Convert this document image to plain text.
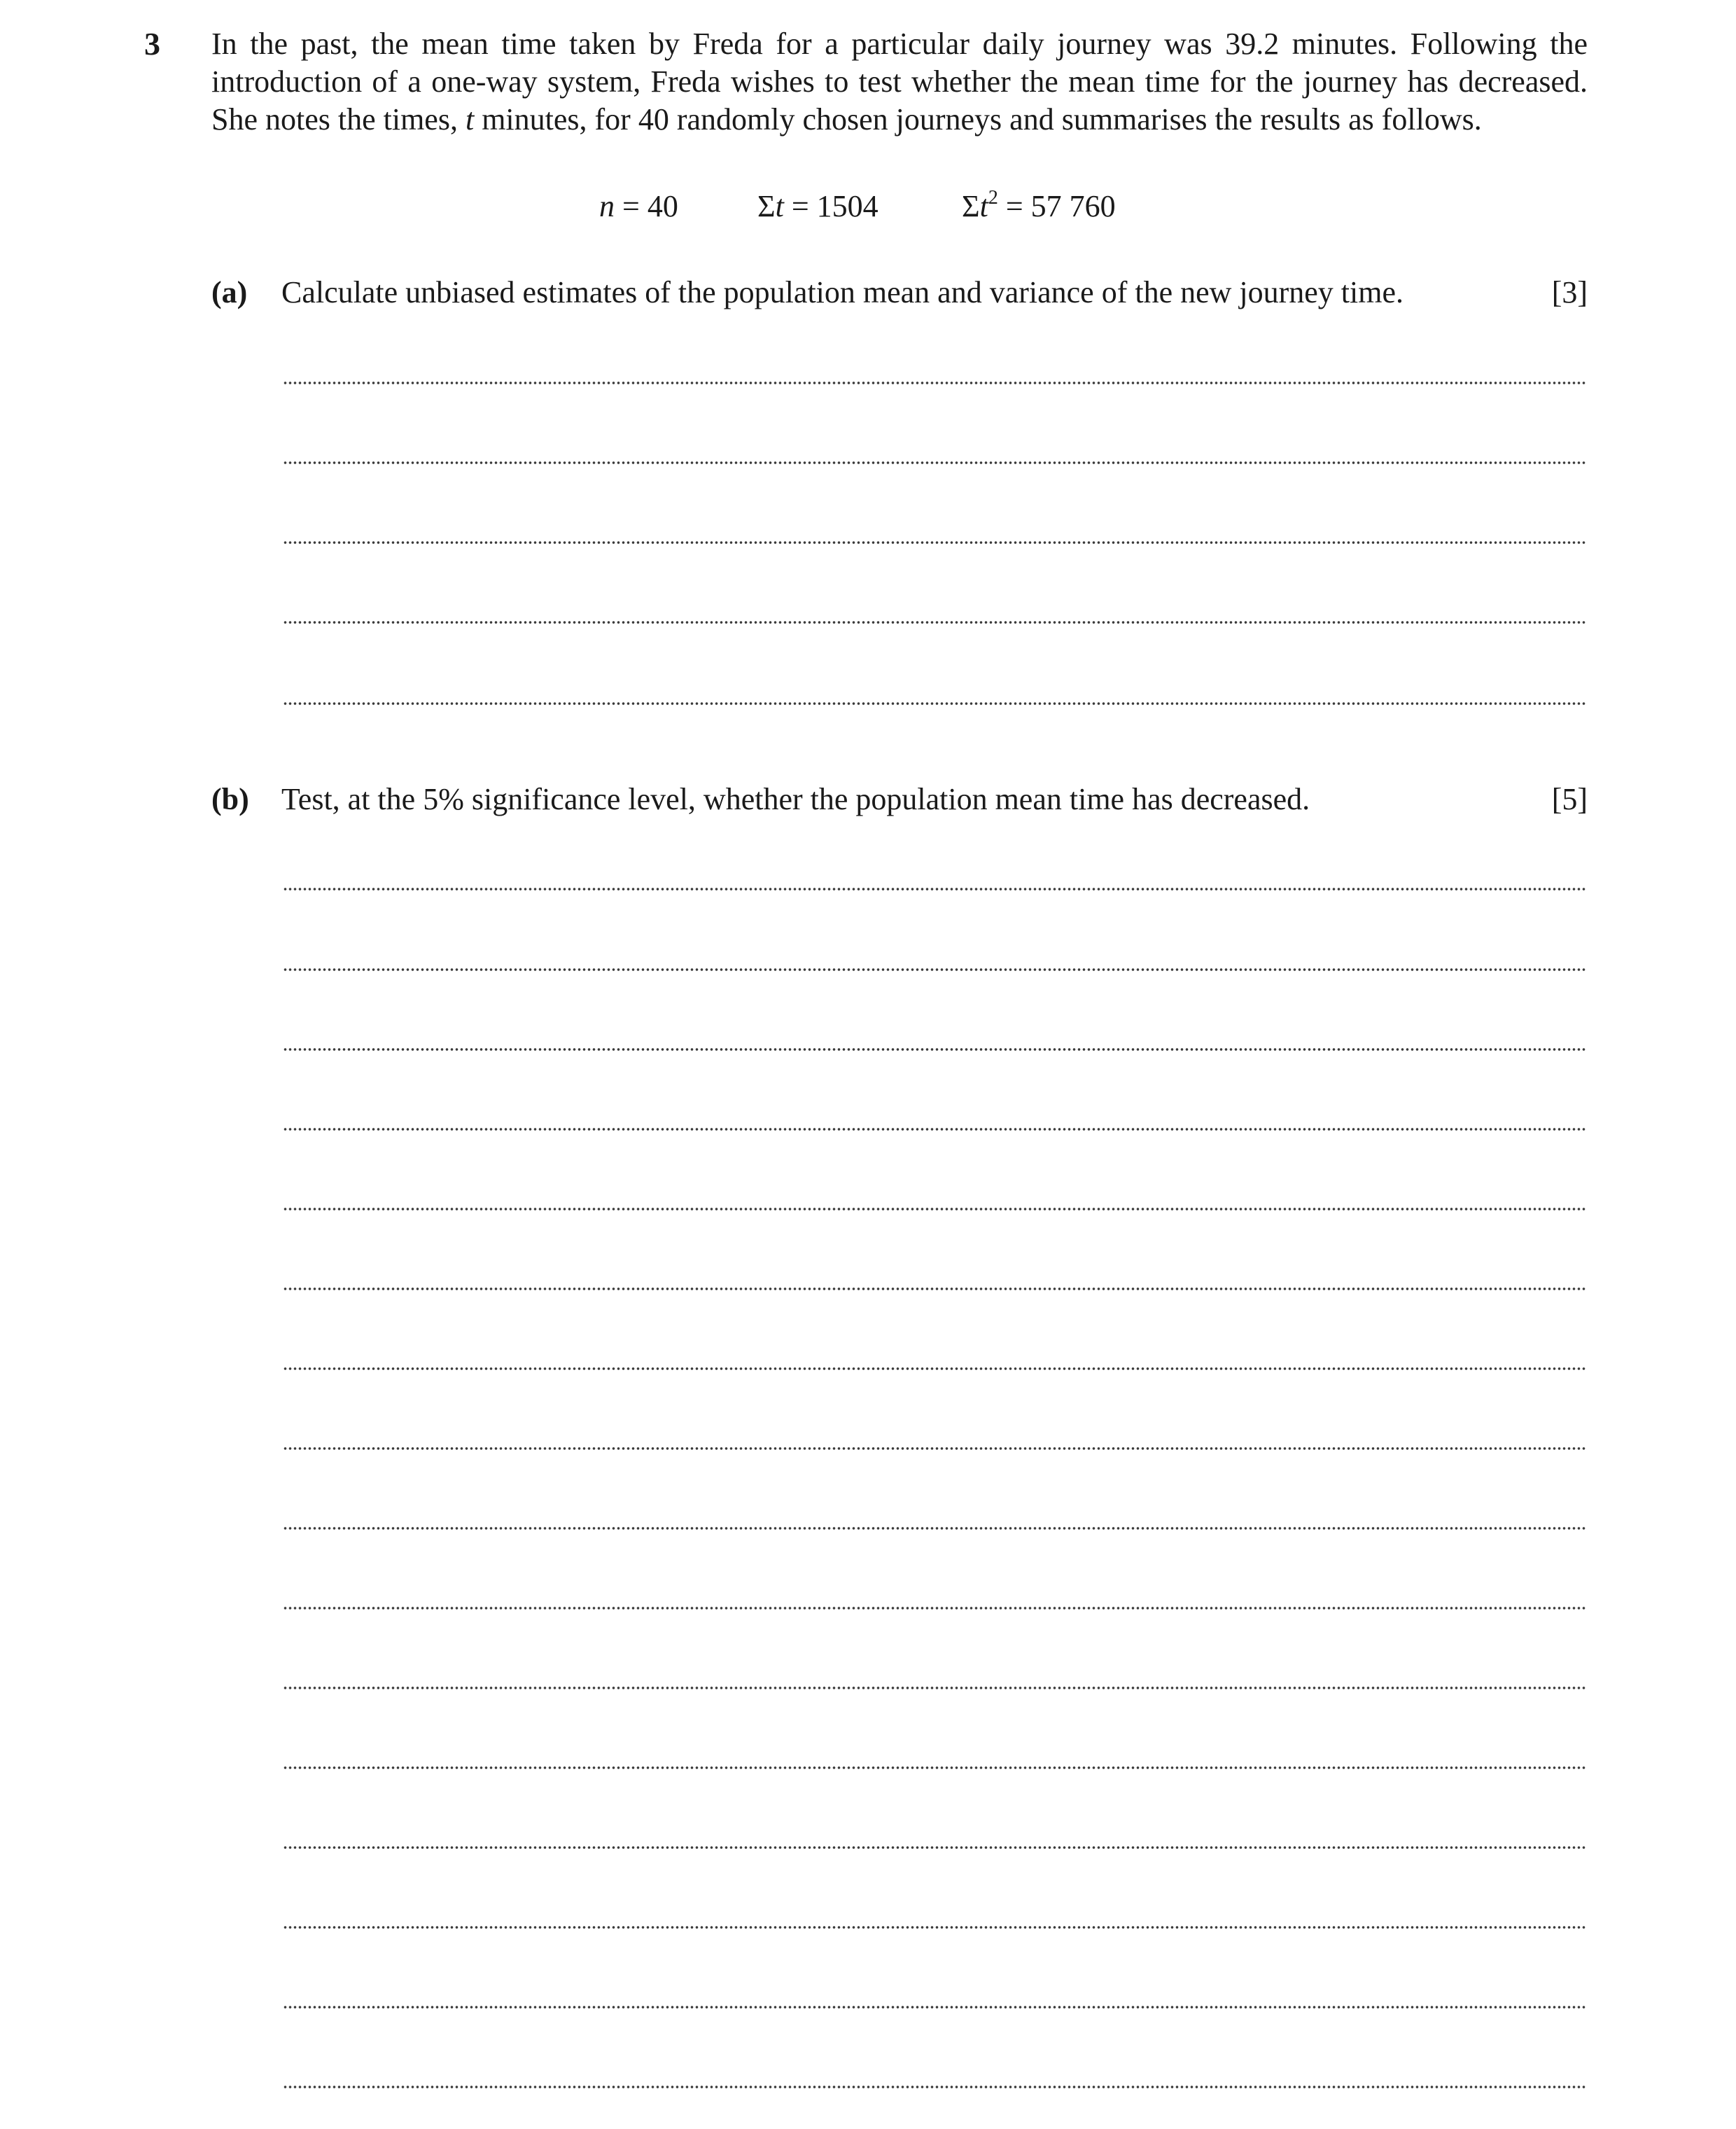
3 In the past, the mean time taken by Freda for a particular daily journey was 39.2 minutes. Following the introduction of a one-way system, Freda wishes to test whether the mean time for the journey has decreased. She notes the times, t minutes, for 40 randomly chosen journeys and summarises the results as follows.
n = 40	Σt = 1504	$\Sigma t^2 = 57$ 760
(a) Calculate unbiased estimates of the population mean and variance of the new journey time.	[3]
(b) Test, at the 5% significance level, whether the population mean time has decreased.	[5]
